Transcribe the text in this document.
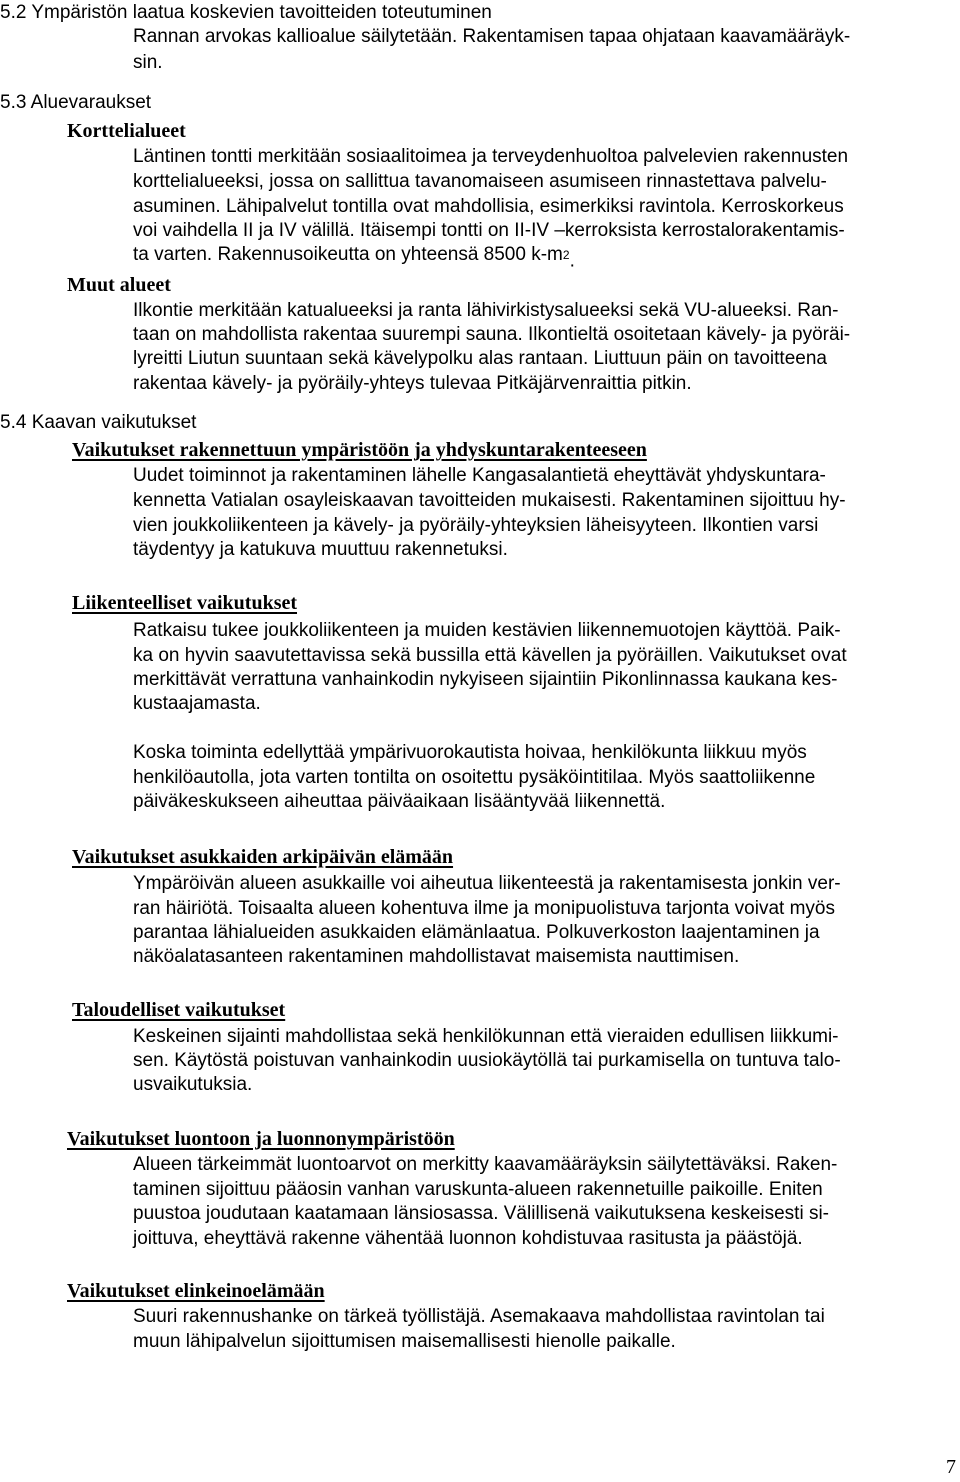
5.2 Ympäristön laatua koskevien tavoitteiden toteutuminen
Rannan arvokas kallioalue säilytetään. Rakentamisen tapaa ohjataan kaavamääräyk-
sin.
5.3 Aluevaraukset
Korttelialueet
Läntinen tontti merkitään sosiaalitoimea ja terveydenhuoltoa palvelevien rakennusten
korttelialueeksi, jossa on sallittua tavanomaiseen asumiseen rinnastettava palvelu-
asuminen. Lähipalvelut tontilla ovat mahdollisia, esimerkiksi ravintola. Kerroskorkeus
voi vaihdella II ja IV välillä. Itäisempi tontti on II-IV –kerroksista kerrostalorakentamis-
ta varten. Rakennusoikeutta on yhteensä 8500 k-m $^2$.
Muut alueet
Ilkontie merkitään katualueeksi ja ranta lähivirkistysalueeksi sekä VU-alueeksi. Ran-
taan on mahdollista rakentaa suurempi sauna. Ilkontieltä osoitetaan kävely- ja pyöräi-
lyreitti Liutun suuntaan sekä kävelypolku alas rantaan. Liuttuun päin on tavoitteena
rakentaa kävely- ja pyöräily-yhteys tulevaa Pitkäjärvenraittia pitkin.
5.4 Kaavan vaikutukset
Vaikutukset rakennettuun ympäristöön ja yhdyskuntarakenteeseen
Uudet toiminnot ja rakentaminen lähelle Kangasalantietä eheyttävät yhdyskuntara-
kennetta Vatialan osayleiskaavan tavoitteiden mukaisesti. Rakentaminen sijoittuu hy-
vien joukkoliikenteen ja kävely- ja pyöräily-yhteyksien läheisyyteen. Ilkontien varsi
täydentyy ja katukuva muuttuu rakennetuksi.
Liikenteelliset vaikutukset
Ratkaisu tukee joukkoliikenteen ja muiden kestävien liikennemuotojen käyttöä. Paik-
ka on hyvin saavutettavissa sekä bussilla että kävellen ja pyöräillen. Vaikutukset ovat
merkittävät verrattuna vanhainkodin nykyiseen sijaintiin Pikonlinnassa kaukana kes-
kustaajamasta.
Koska toiminta edellyttää ympärivuorokautista hoivaa, henkilökunta liikkuu myös
henkilöautolla, jota varten tontilta on osoitettu pysäköintitilaa. Myös saattoliikenne
päiväkeskukseen aiheuttaa päiväaikaan lisääntyvää liikennettä.
Vaikutukset asukkaiden arkipäivän elämään
Ympäröivän alueen asukkaille voi aiheutua liikenteestä ja rakentamisesta jonkin ver-
ran häiriötä. Toisaalta alueen kohentuva ilme ja monipuolistuva tarjonta voivat myös
parantaa lähialueiden asukkaiden elämänlaatua. Polkuverkoston laajentaminen ja
näköalatasanteen rakentaminen mahdollistavat maisemista nauttimisen.
Taloudelliset vaikutukset
Keskeinen sijainti mahdollistaa sekä henkilökunnan että vieraiden edullisen liikkumi-
sen. Käytöstä poistuvan vanhainkodin uusiokäytöllä tai purkamisella on tuntuva talo-
usvaikutuksia.
Vaikutukset luontoon ja luonnonympäristöön
Alueen tärkeimmät luontoarvot on merkitty kaavamääräyksin säilytettäväksi. Raken-
taminen sijoittuu pääosin vanhan varuskunta-alueen rakennetuille paikoille. Eniten
puustoa joudutaan kaatamaan länsiosassa. Välillisenä vaikutuksena keskeisesti si-
joittuva, eheyttävä rakenne vähentää luonnon kohdistuvaa rasitusta ja päästöjä.
Vaikutukset elinkeinoelämään
Suuri rakennushanke on tärkeä työllistäjä. Asemakaava mahdollistaa ravintolan tai
muun lähipalvelun sijoittumisen maisemallisesti hienolle paikalle.
7
